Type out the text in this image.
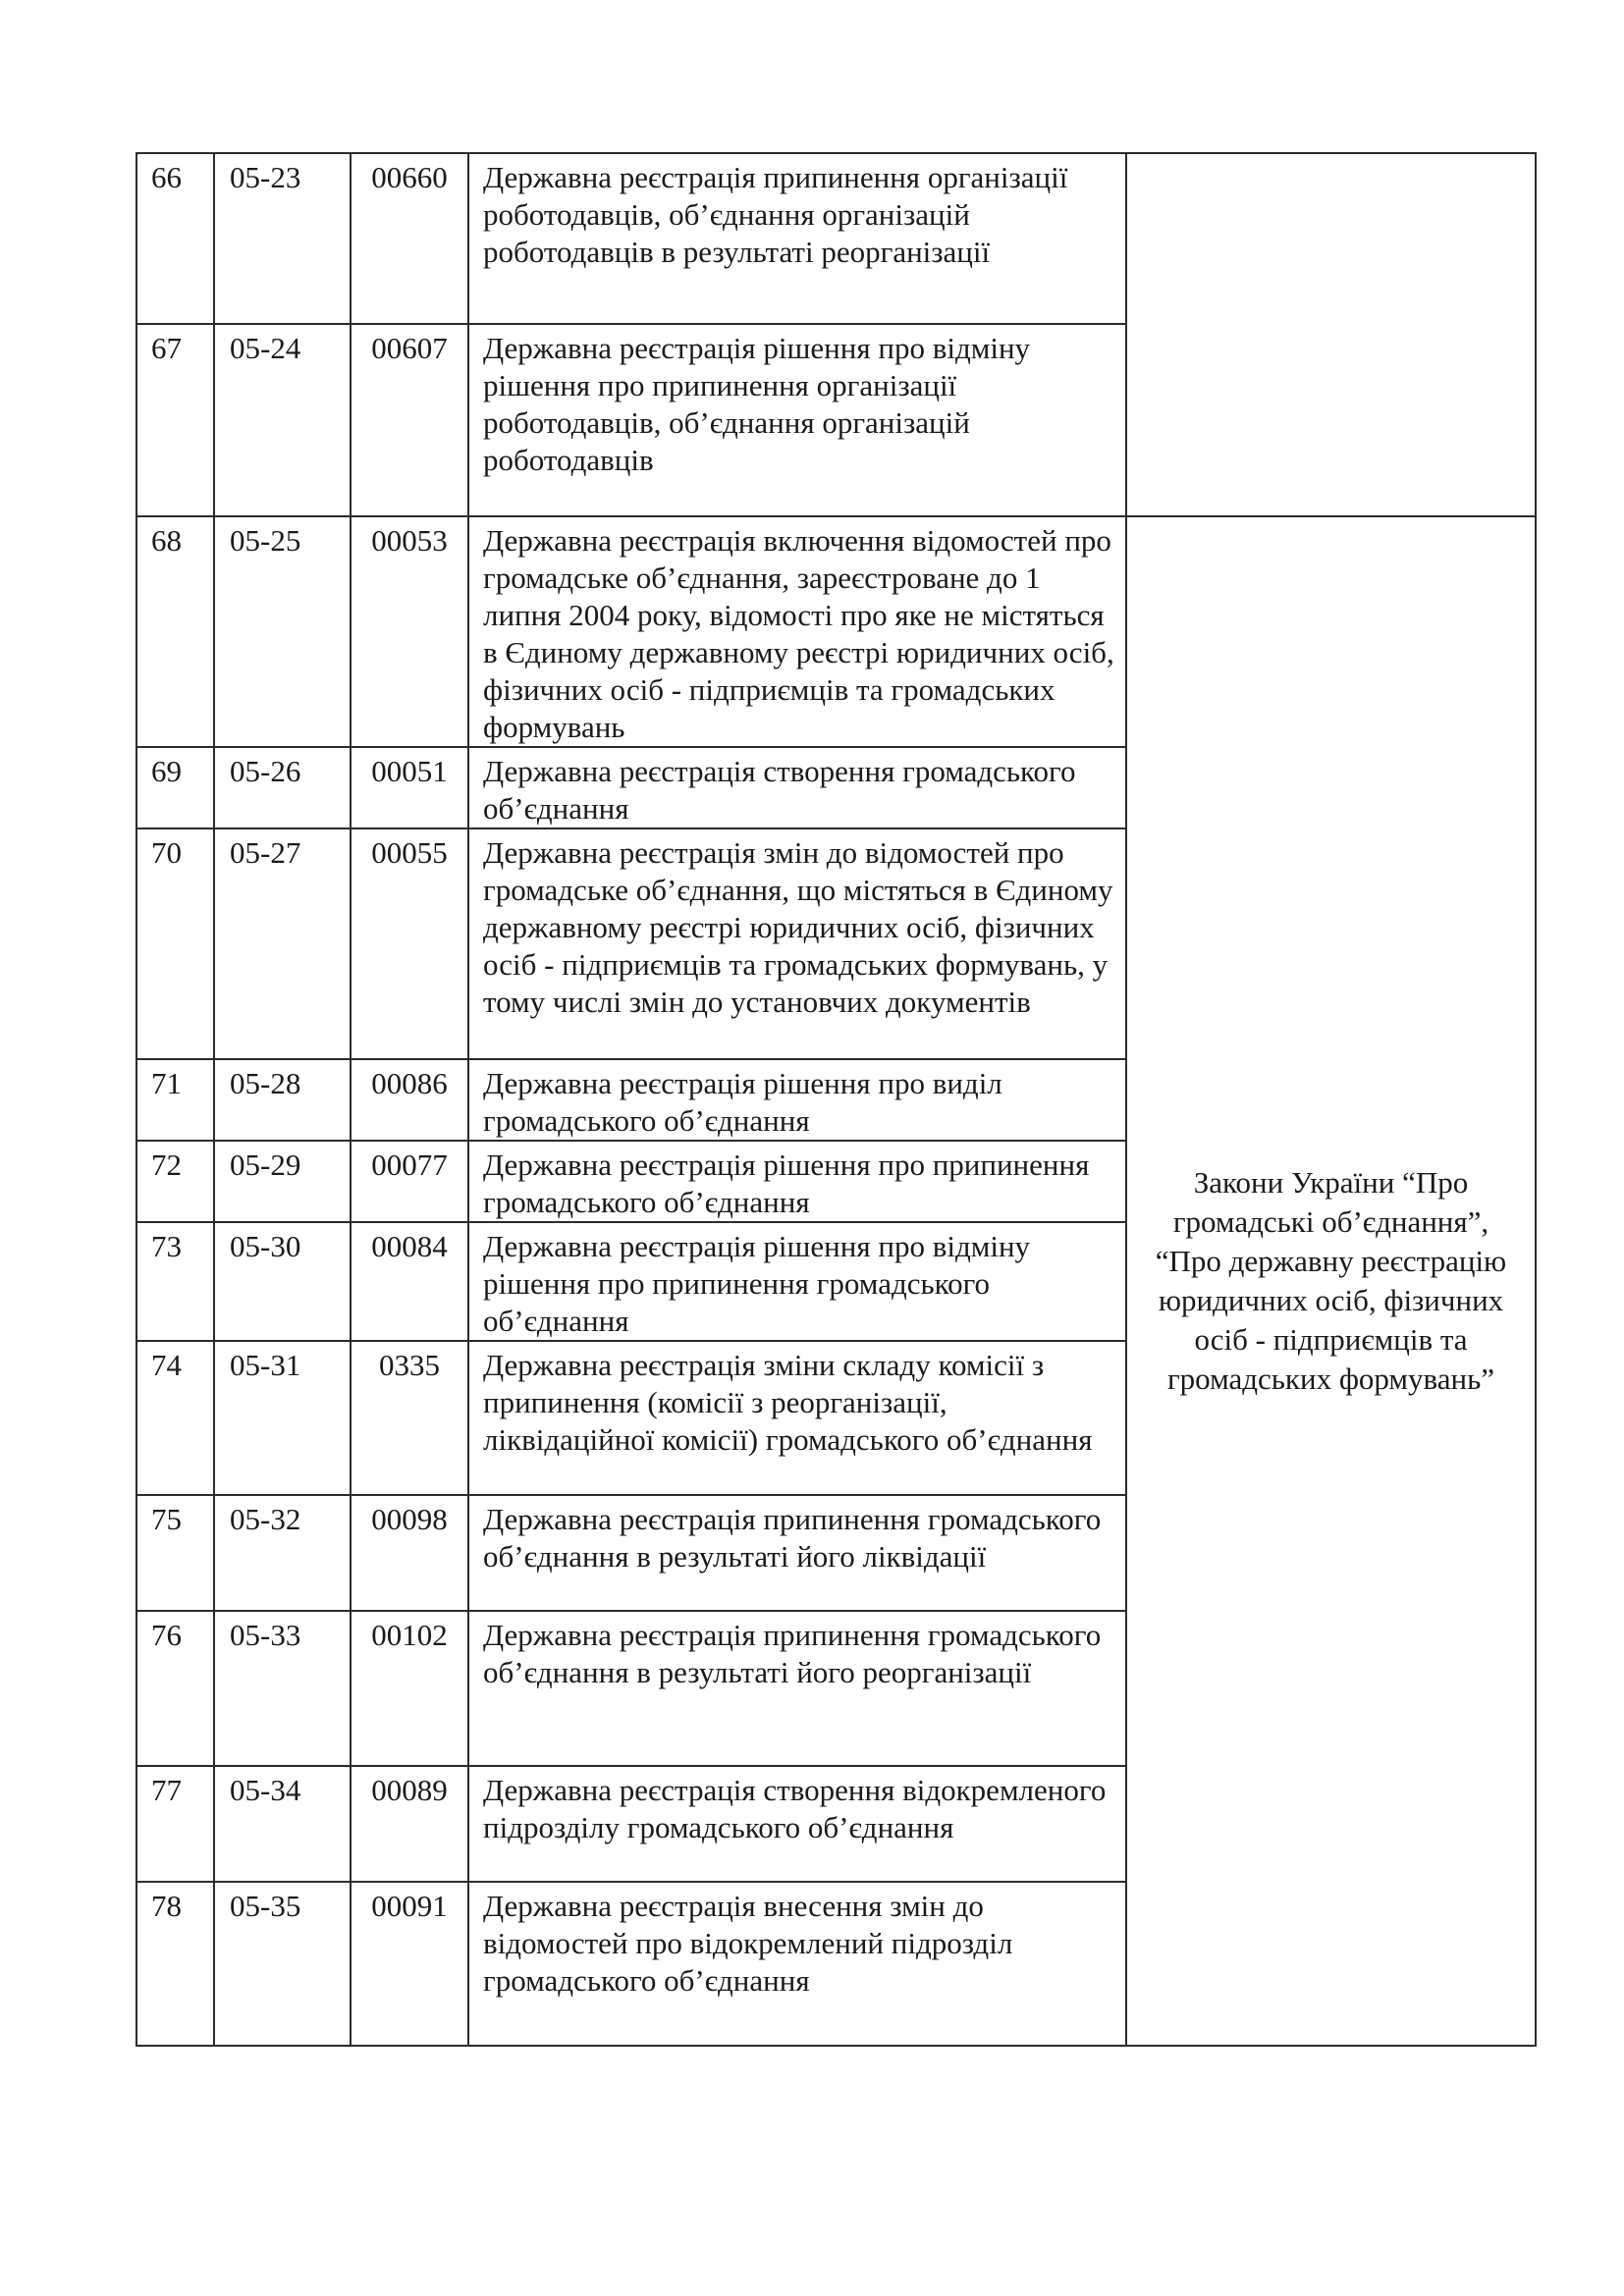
66	05-23	00660	Державна реєстрація припинення організації роботодавців, об’єднання організацій роботодавців в результаті реорганізації	

67	05-24	00607	Державна реєстрація рішення про відміну рішення про припинення організації роботодавців, об’єднання організацій роботодавців	
68	05-25	00053	Державна реєстрація включення відомостей про громадське об’єднання, зареєстроване до 1 липня 2004 року, відомості про яке не містяться в Єдиному державному реєстрі юридичних осіб, фізичних осіб - підприємців та громадських формувань	Закони України “Про громадські об’єднання”, “Про державну реєстрацію юридичних осіб, фізичних осіб - підприємців та громадських формувань”

69	05-26	00051	Державна реєстрація створення громадського об’єднання	
70	05-27	00055	Державна реєстрація змін до відомостей про громадське об’єднання, що містяться в Єдиному державному реєстрі юридичних осіб, фізичних осіб - підприємців та громадських формувань, у тому числі змін до установчих документів	
71	05-28	00086	Державна реєстрація рішення про виділ громадського об’єднання	
72	05-29	00077	Державна реєстрація рішення про припинення громадського об’єднання	
73	05-30	00084	Державна реєстрація рішення про відміну рішення про припинення громадського об’єднання	
74	05-31	0335	Державна реєстрація зміни складу комісії з припинення (комісії з реорганізації, ліквідаційної комісії) громадського об’єднання	
75	05-32	00098	Державна реєстрація припинення громадського об’єднання в результаті його ліквідації	
76	05-33	00102	Державна реєстрація припинення громадського об’єднання в результаті його реорганізації	
77	05-34	00089	Державна реєстрація створення відокремленого підрозділу громадського об’єднання	
78	05-35	00091	Державна реєстрація внесення змін до відомостей про відокремлений підрозділ громадського об’єднання	
